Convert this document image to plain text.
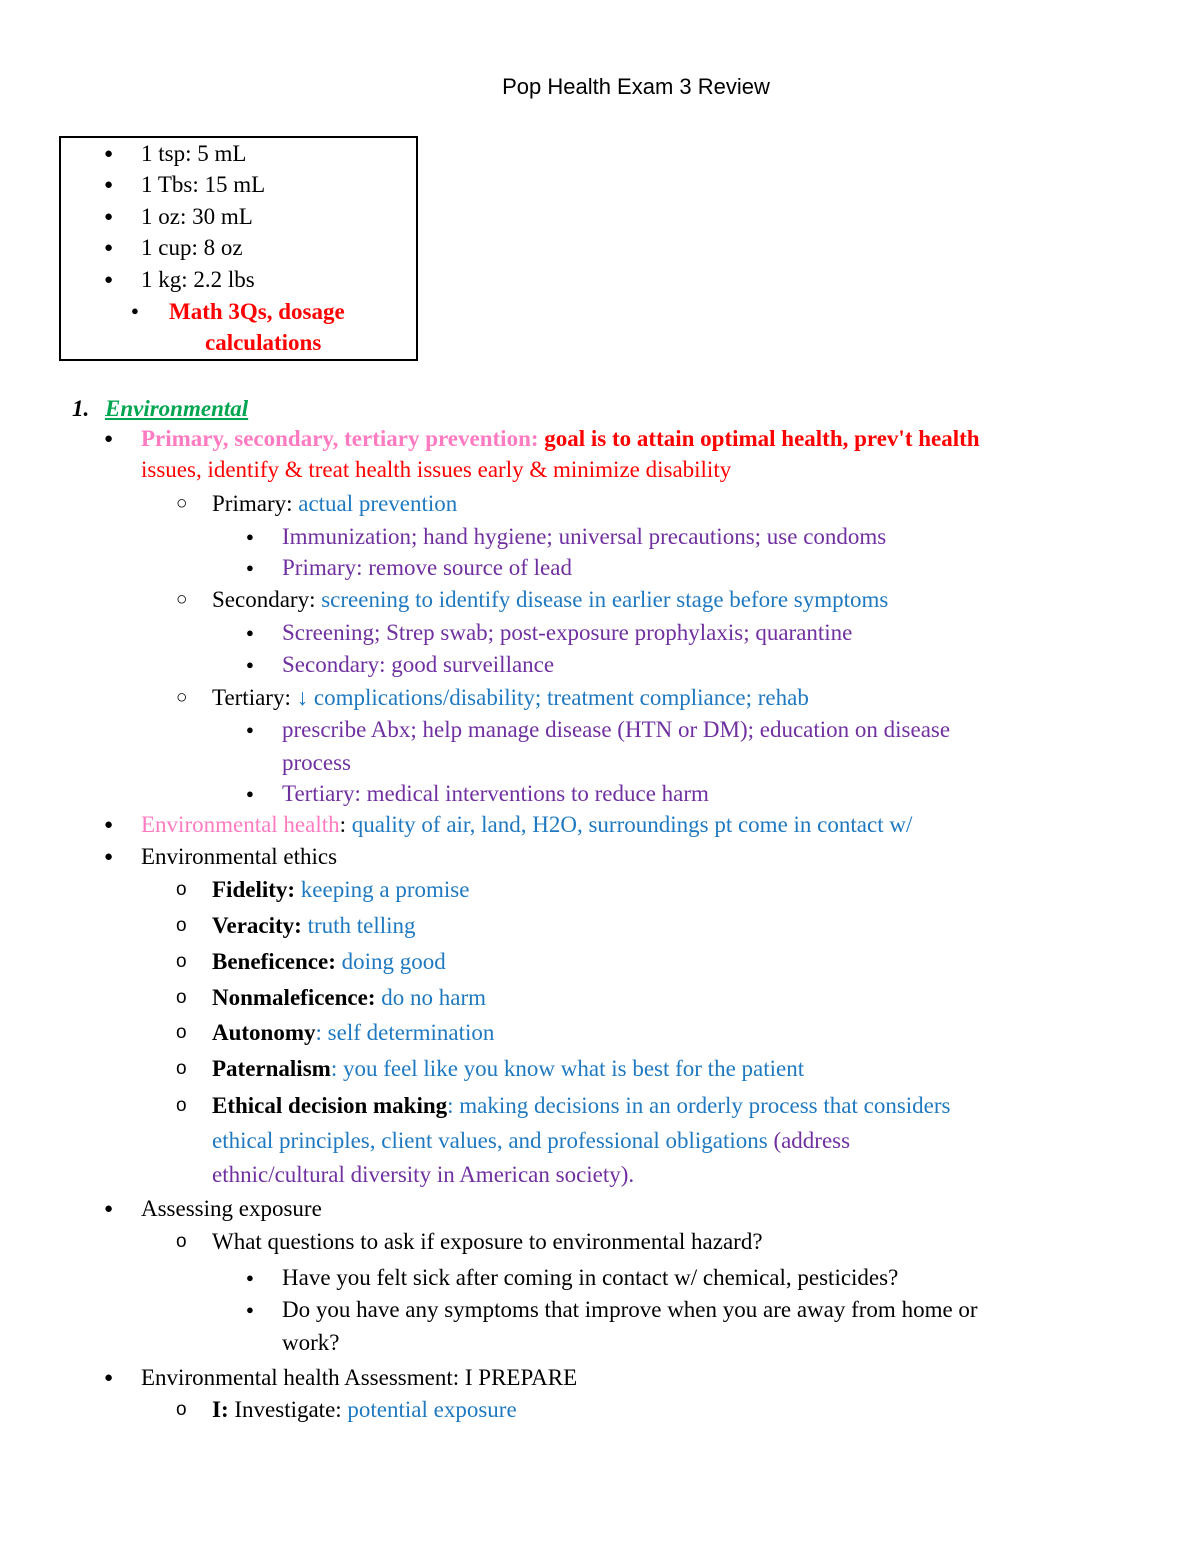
Pop Health Exam 3 Review
● 1 tsp: 5 mL
● 1 Tbs: 15 mL
● 1 oz: 30 mL
● 1 cup: 8 oz
● 1 kg: 2.2 lbs
● Math 3Qs, dosage
calculations
1. Environmental
● Primary, secondary, tertiary prevention: goal is to attain optimal health, prev't health
issues, identify & treat health issues early & minimize disability
○ Primary: actual prevention
● Immunization; hand hygiene; universal precautions; use condoms
● Primary: remove source of lead
○ Secondary: screening to identify disease in earlier stage before symptoms
● Screening; Strep swab; post-exposure prophylaxis; quarantine
● Secondary: good surveillance
○ Tertiary: ↓ complications/disability; treatment compliance; rehab
● prescribe Abx; help manage disease (HTN or DM); education on disease
process
● Tertiary: medical interventions to reduce harm
● Environmental health: quality of air, land, H2O, surroundings pt come in contact w/
● Environmental ethics
o Fidelity: keeping a promise
o Veracity: truth telling
o Beneficence: doing good
o Nonmaleficence: do no harm
o Autonomy: self determination
o Paternalism: you feel like you know what is best for the patient
o Ethical decision making: making decisions in an orderly process that considers
ethical principles, client values, and professional obligations (address
ethnic/cultural diversity in American society).
● Assessing exposure
o What questions to ask if exposure to environmental hazard?
● Have you felt sick after coming in contact w/ chemical, pesticides?
● Do you have any symptoms that improve when you are away from home or
work?
● Environmental health Assessment: I PREPARE
o I: Investigate: potential exposure
